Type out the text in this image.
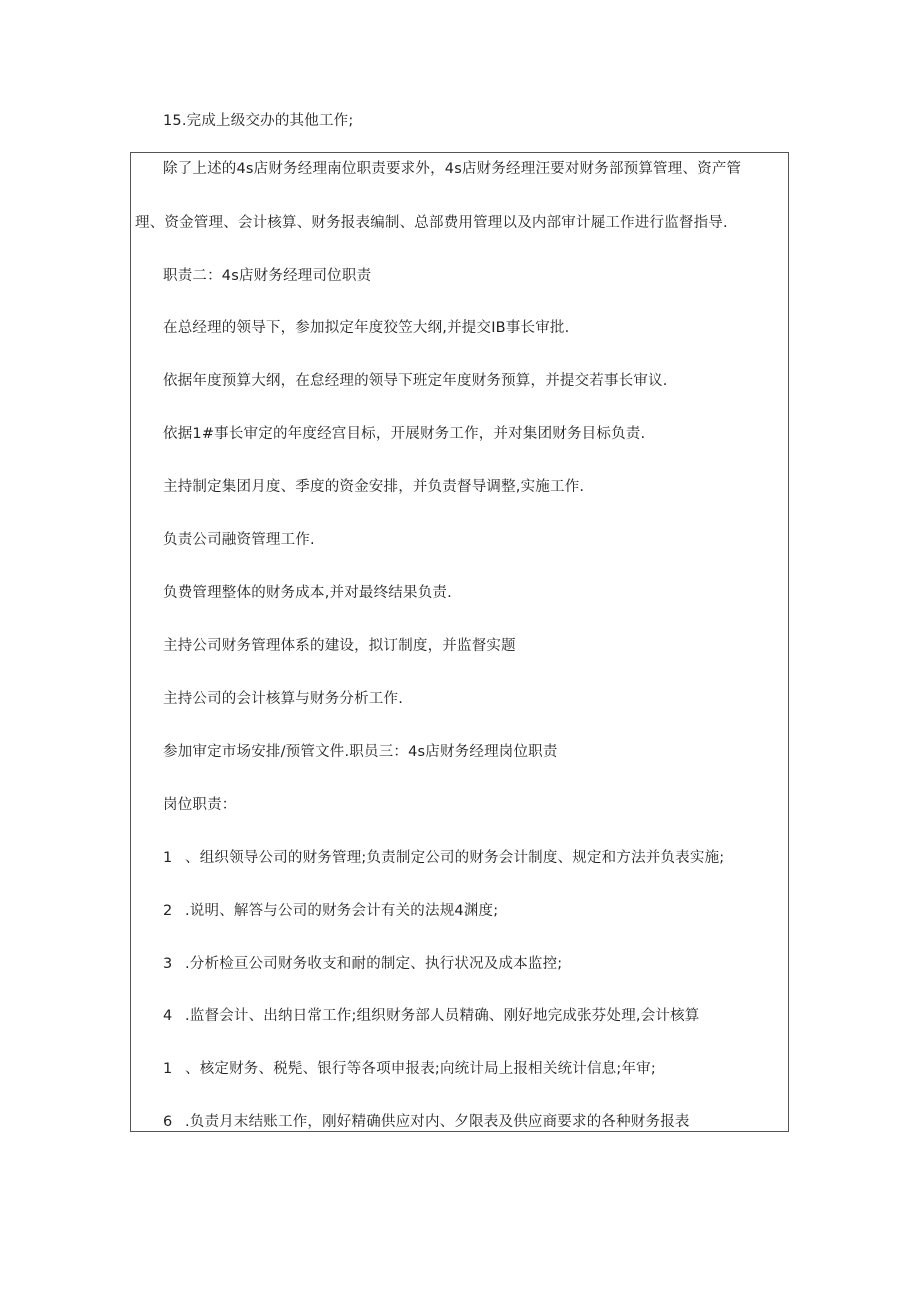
15.完成上级交办的其他工作;
除了上述的4s店财务经理南位职责要求外，4s店财务经理汪要对财务部预算管理、资产管
理、资金管理、会计核算、财务报表编制、总部费用管理以及内部审计屣工作进行监督指导.
职责二：4s店财务经理司位职责
在总经理的领导下，参加拟定年度狡笠大纲,并提交IB事长审批.
依据年度预算大纲，在怠经理的领导下班定年度财务预算，并提交若事长审议.
依据1#事长审定的年度经宫目标，开展财务工作，并对集团财务目标负责.
主持制定集团月度、季度的资金安排，并负责督导调整,实施工作.
负责公司融资管理工作.
负费管理整体的财务成本,并对最终结果负责.
主持公司财务管理体系的建设，拟订制度，并监督实题
主持公司的会计核算与财务分析工作.
参加审定市场安排/预管文件.职员三：4s店财务经理岗位职责
岗位职责：
1 、组织领导公司的财务管理;负责制定公司的财务会计制度、规定和方法并负表实施;
2 .说明、解答与公司的财务会计有关的法规4渊度;
3 .分析检亘公司财务收支和耐的制定、执行状况及成本监控;
4 .监督会计、出纳日常工作;组织财务部人员精确、刚好地完成张芬处理,会计核算
1 、核定财务、税髡、银行等各项申报表;向统计局上报相关统计信息;年审;
6 .负责月末结账工作，刚好精确供应对内、夕限表及供应商要求的各种财务报表
